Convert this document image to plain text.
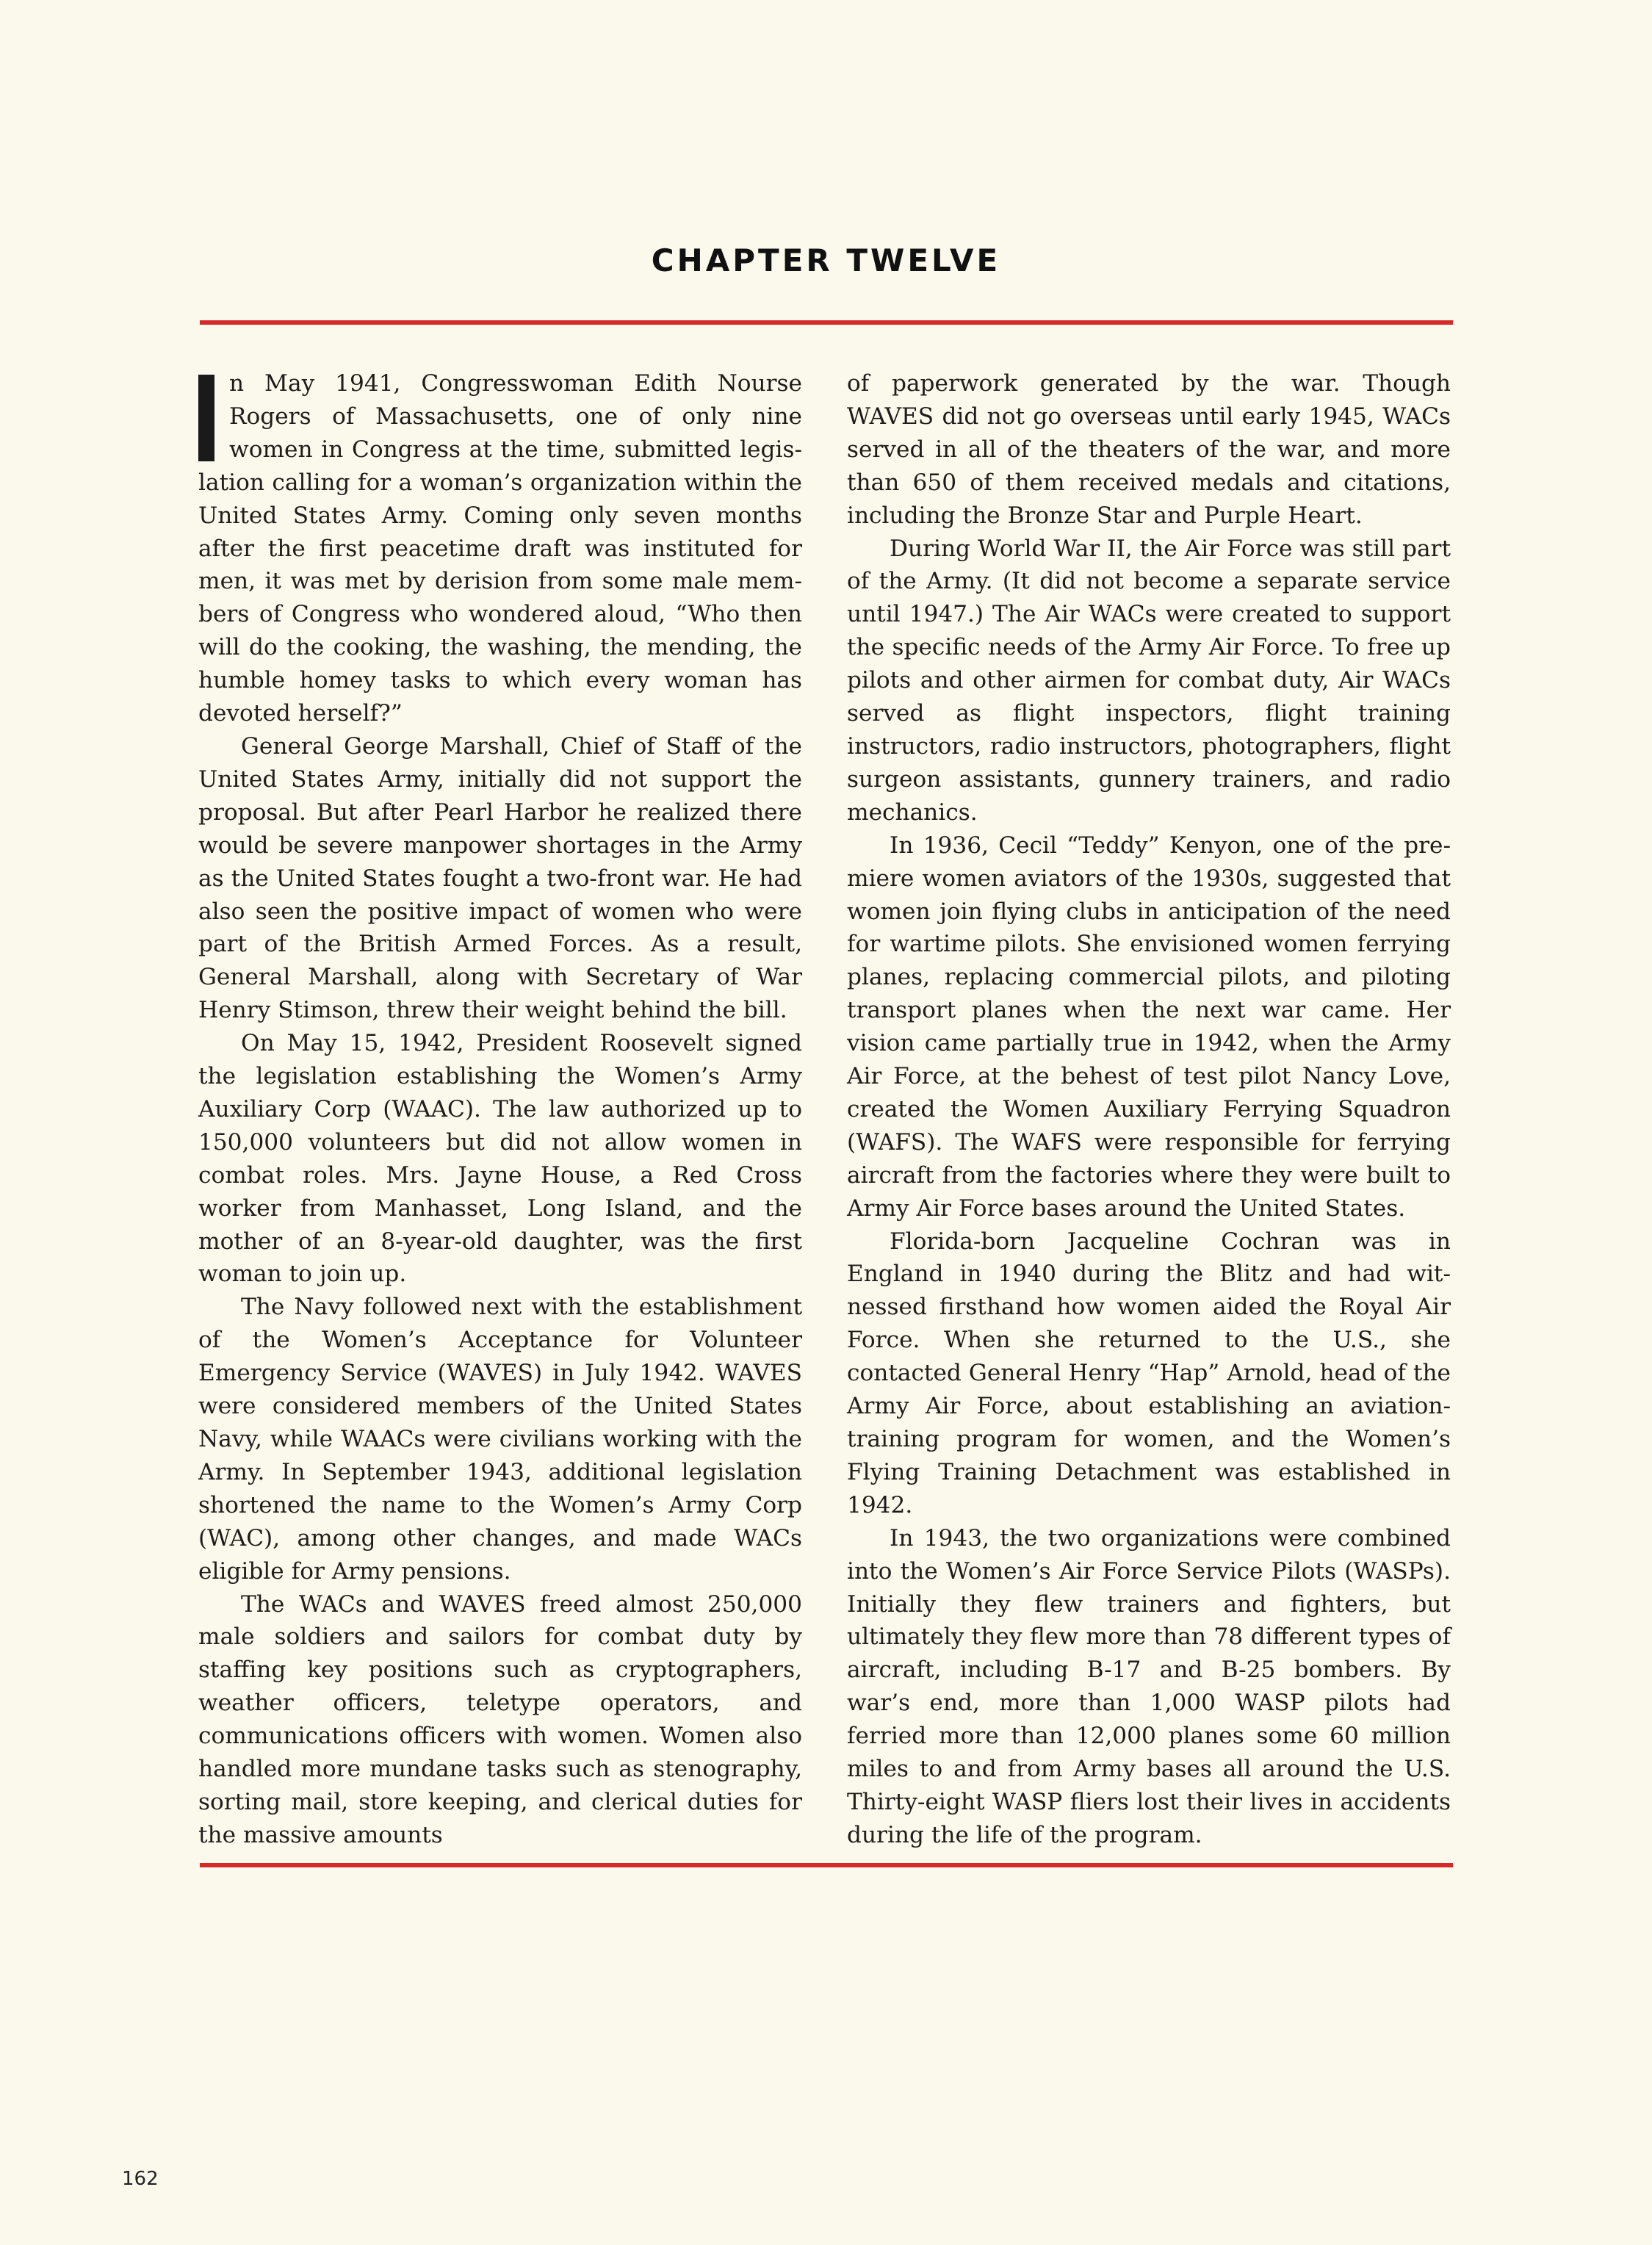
CHAPTER TWELVE

n May 1941, Congresswoman Edith Nourse Rogers of Massachusetts, one of only nine women in Congress at the time, submitted legislation calling for a woman’s organization within the United States Army. Coming only seven months after the first peacetime draft was instituted for men, it was met by derision from some male members of Congress who wondered aloud, “Who then will do the cooking, the washing, the mending, the humble homey tasks to which every woman has devoted herself?”

General George Marshall, Chief of Staff of the United States Army, initially did not support the proposal. But after Pearl Harbor he realized there would be severe manpower shortages in the Army as the United States fought a two-front war. He had also seen the positive impact of women who were part of the British Armed Forces. As a result, General Marshall, along with Secretary of War Henry Stimson, threw their weight behind the bill.

On May 15, 1942, President Roosevelt signed the legislation establishing the Women’s Army Auxiliary Corp (WAAC). The law authorized up to 150,000 volunteers but did not allow women in combat roles. Mrs. Jayne House, a Red Cross worker from Manhasset, Long Island, and the mother of an 8-year-old daughter, was the first woman to join up.

The Navy followed next with the establishment of the Women’s Acceptance for Volunteer Emergency Service (WAVES) in July 1942. WAVES were considered members of the United States Navy, while WAACs were civilians working with the Army. In September 1943, additional legislation shortened the name to the Women’s Army Corp (WAC), among other changes, and made WACs eligible for Army pensions.

The WACs and WAVES freed almost 250,000 male soldiers and sailors for combat duty by staffing key positions such as cryptographers, weather officers, teletype operators, and communications officers with women. Women also handled more mundane tasks such as stenography, sorting mail, store keeping, and clerical duties for the massive amounts

of paperwork generated by the war. Though WAVES did not go overseas until early 1945, WACs served in all of the theaters of the war, and more than 650 of them received medals and citations, including the Bronze Star and Purple Heart.

During World War II, the Air Force was still part of the Army. (It did not become a separate service until 1947.) The Air WACs were created to support the specific needs of the Army Air Force. To free up pilots and other airmen for combat duty, Air WACs served as flight inspectors, flight training instructors, radio instructors, photographers, flight surgeon assistants, gunnery trainers, and radio mechanics.

In 1936, Cecil “Teddy” Kenyon, one of the premiere women aviators of the 1930s, suggested that women join flying clubs in anticipation of the need for wartime pilots. She envisioned women ferrying planes, replacing commercial pilots, and piloting transport planes when the next war came. Her vision came partially true in 1942, when the Army Air Force, at the behest of test pilot Nancy Love, created the Women Auxiliary Ferrying Squadron (WAFS). The WAFS were responsible for ferrying aircraft from the factories where they were built to Army Air Force bases around the United States.

Florida-born Jacqueline Cochran was in England in 1940 during the Blitz and had witnessed firsthand how women aided the Royal Air Force. When she returned to the U.S., she contacted General Henry “Hap” Arnold, head of the Army Air Force, about establishing an aviation-training program for women, and the Women’s Flying Training Detachment was established in 1942.

In 1943, the two organizations were combined into the Women’s Air Force Service Pilots (WASPs). Initially they flew trainers and fighters, but ultimately they flew more than 78 different types of aircraft, including B-17 and B-25 bombers. By war’s end, more than 1,000 WASP pilots had ferried more than 12,000 planes some 60 million miles to and from Army bases all around the U.S. Thirty-eight WASP fliers lost their lives in accidents during the life of the program.

162
